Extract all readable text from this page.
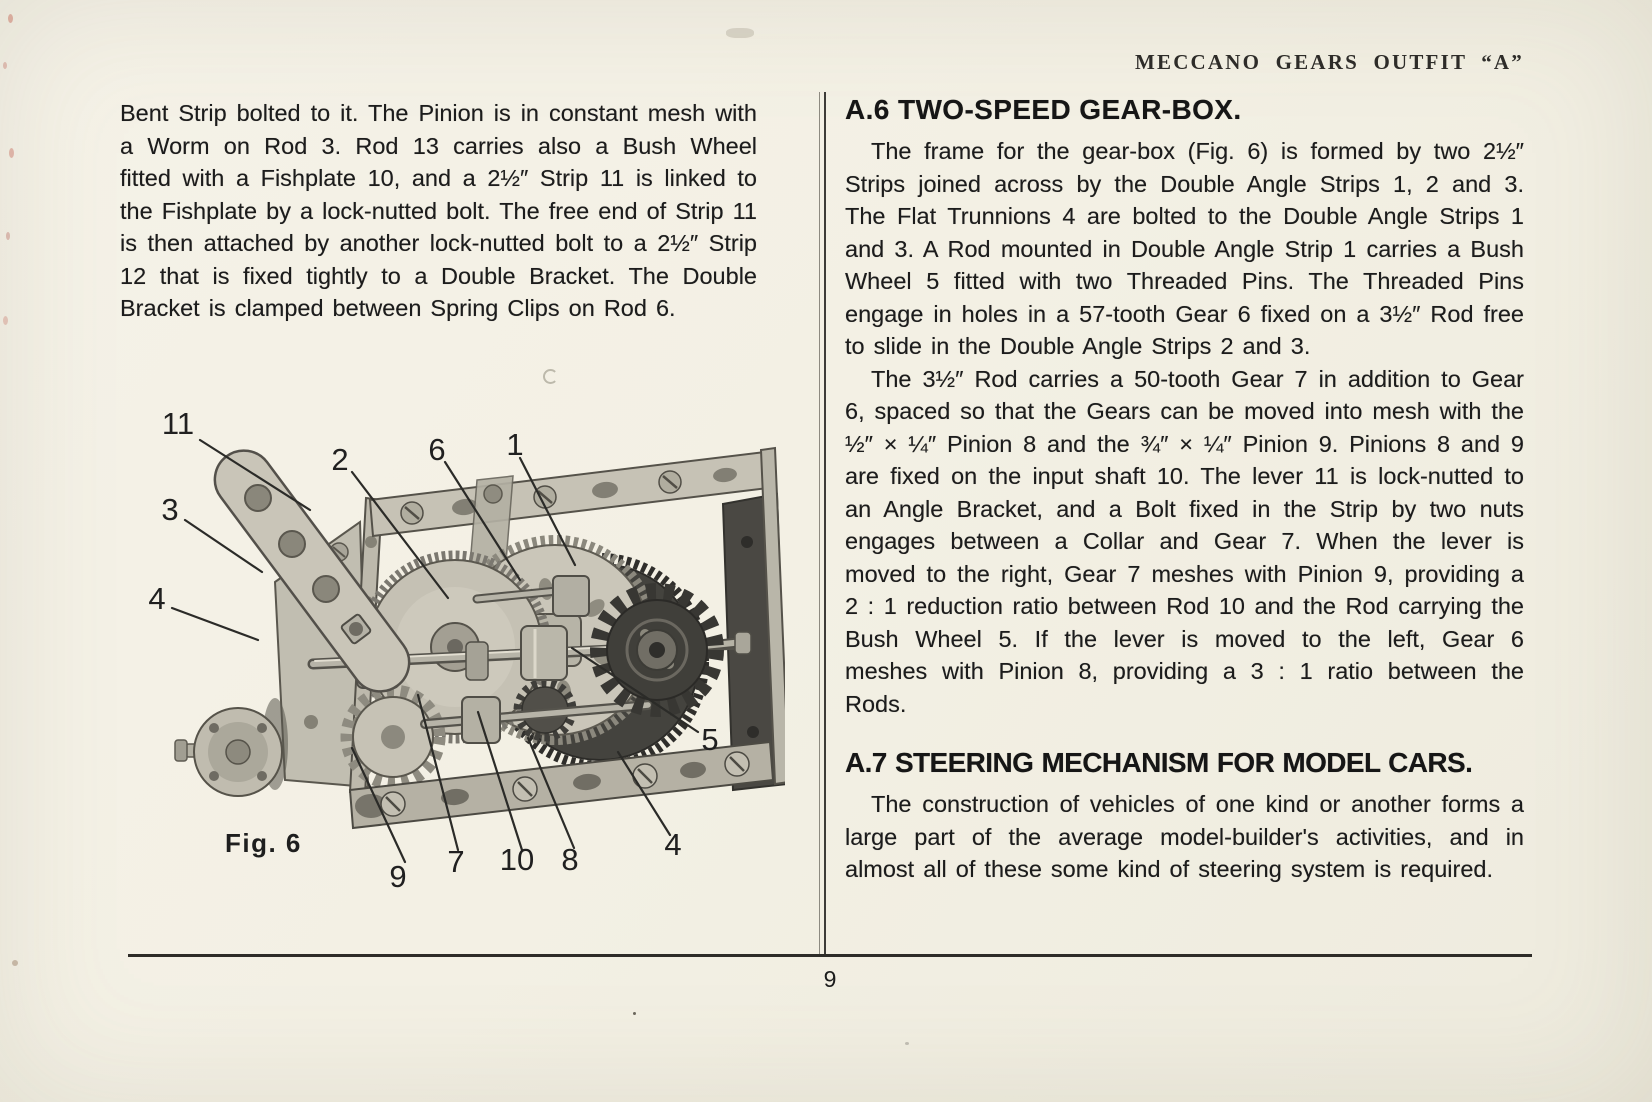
MECCANO GEARS OUTFIT “A”

Bent Strip bolted to it. The Pinion is in constant mesh with a Worm on Rod 3. Rod 13 carries also a Bush Wheel fitted with a Fishplate 10, and a 2½″ Strip 11 is linked to the Fishplate by a lock-nutted bolt. The free end of Strip 11 is then attached by another lock-nutted bolt to a 2½″ Strip 12 that is fixed tightly to a Double Bracket. The Double Bracket is clamped between Spring Clips on Rod 6.

11
2	6 1
3
4
5
4
9 7 10 8
Fig. 6
A.6 TWO-SPEED GEAR-BOX.

The frame for the gear-box (Fig. 6) is formed by two 2½″ Strips joined across by the Double Angle Strips 1, 2 and 3. The Flat Trunnions 4 are bolted to the Double Angle Strips 1 and 3. A Rod mounted in Double Angle Strip 1 carries a Bush Wheel 5 fitted with two Threaded Pins. The Threaded Pins engage in holes in a 57-tooth Gear 6 fixed on a 3½″ Rod free to slide in the Double Angle Strips 2 and 3.

The 3½″ Rod carries a 50-tooth Gear 7 in addition to Gear 6, spaced so that the Gears can be moved into mesh with the ½″ × ¼″ Pinion 8 and the ¾″ × ¼″ Pinion 9. Pinions 8 and 9 are fixed on the input shaft 10. The lever 11 is lock-nutted to an Angle Bracket, and a Bolt fixed in the Strip by two nuts engages between a Collar and Gear 7. When the lever is moved to the right, Gear 7 meshes with Pinion 9, providing a 2 : 1 reduction ratio between Rod 10 and the Rod carrying the Bush Wheel 5. If the lever is moved to the left, Gear 6 meshes with Pinion 8, providing a 3 : 1 ratio between the Rods.

A.7 STEERING MECHANISM FOR MODEL CARS.

The construction of vehicles of one kind or another forms a large part of the average model-builder's activities, and in almost all of these some kind of steering system is required.

9
